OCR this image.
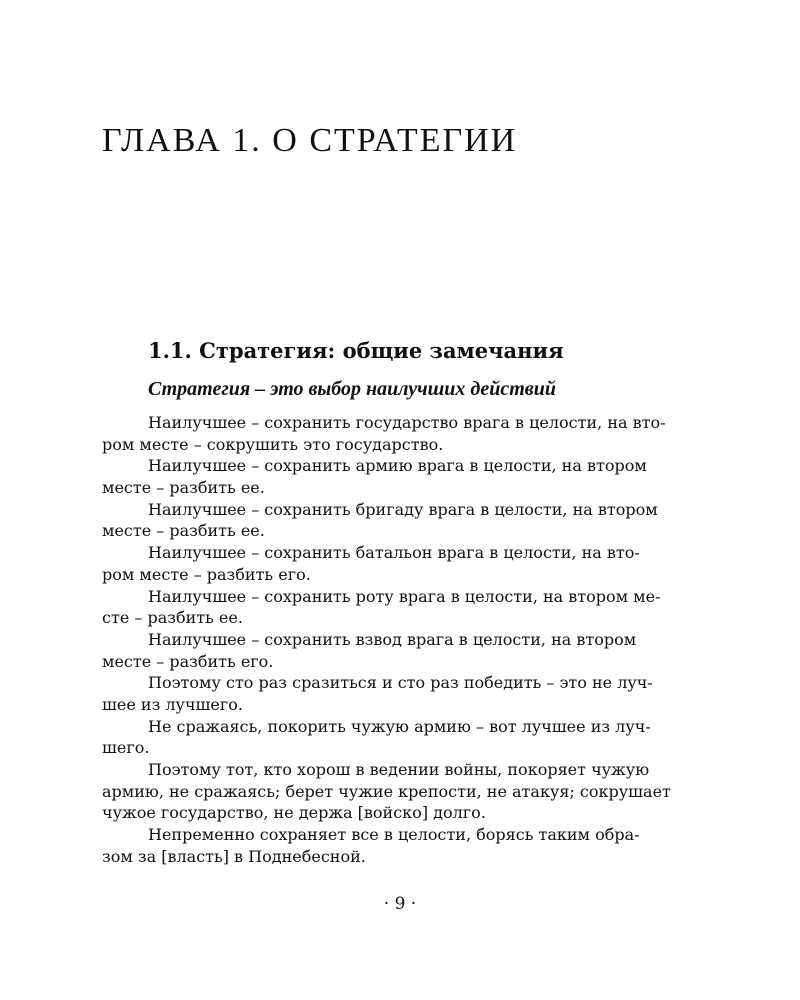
ГЛАВА 1. О СТРАТЕГИИ
1.1. Стратегия: общие замечания
Стратегия – это выбор наилучших действий
Наилучшее – сохранить государство врага в целости, на вто-
ром месте – сокрушить это государство.
Наилучшее – сохранить армию врага в целости, на втором
месте – разбить ее.
Наилучшее – сохранить бригаду врага в целости, на втором
месте – разбить ее.
Наилучшее – сохранить батальон врага в целости, на вто-
ром месте – разбить его.
Наилучшее – сохранить роту врага в целости, на втором ме-
сте – разбить ее.
Наилучшее – сохранить взвод врага в целости, на втором
месте – разбить его.
Поэтому сто раз сразиться и сто раз победить – это не луч-
шее из лучшего.
Не сражаясь, покорить чужую армию – вот лучшее из луч-
шего.
Поэтому тот, кто хорош в ведении войны, покоряет чужую
армию, не сражаясь; берет чужие крепости, не атакуя; сокрушает
чужое государство, не держа [войско] долго.
Непременно сохраняет все в целости, борясь таким обра-
зом за [власть] в Поднебесной.
· 9 ·
